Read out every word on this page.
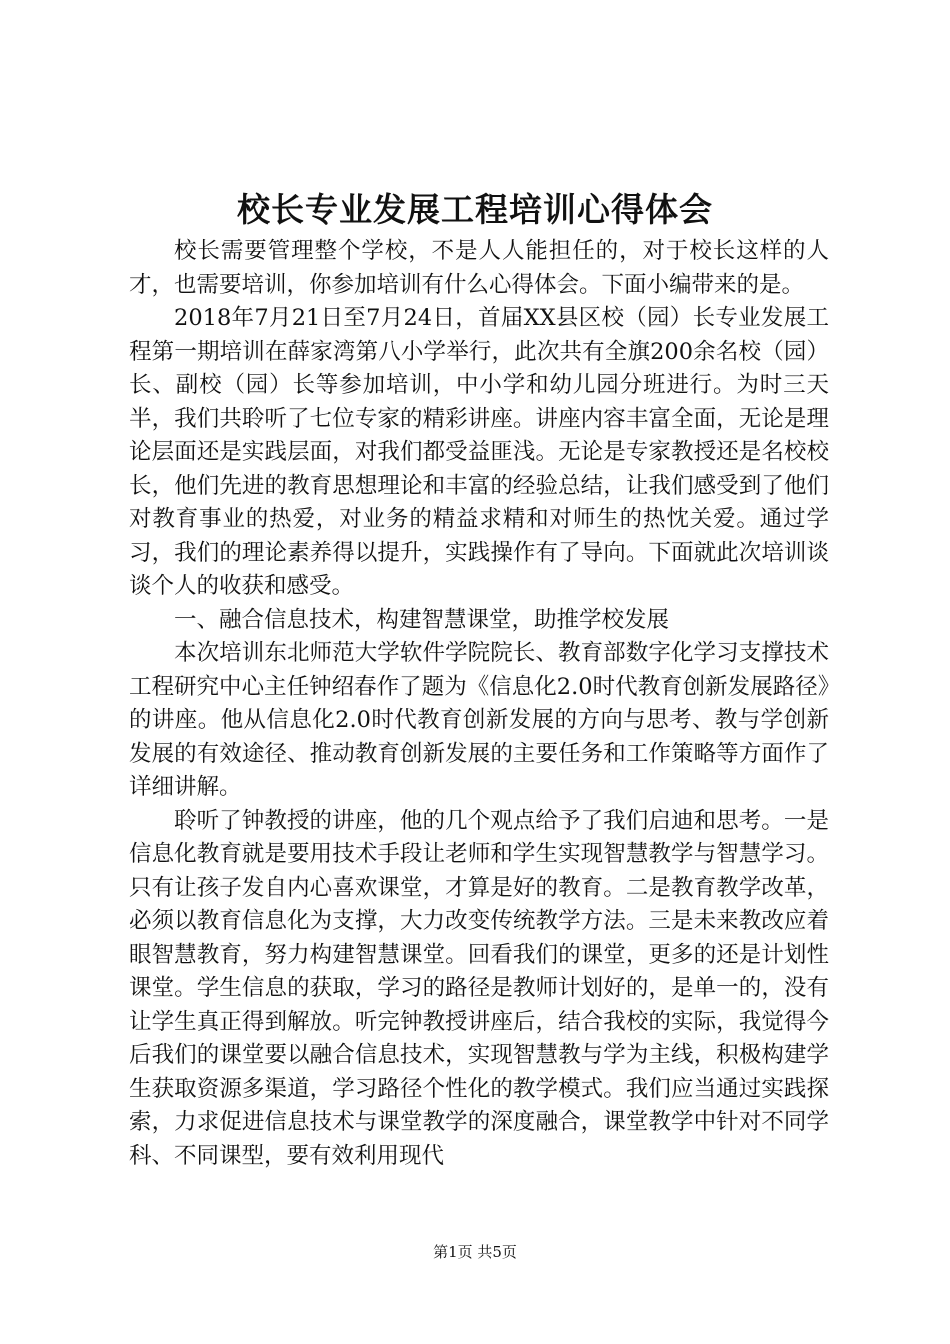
校长专业发展工程培训心得体会

校长需要管理整个学校，不是人人能担任的，对于校长这样的人才，也需要培训，你参加培训有什么心得体会。下面小编带来的是。

2018年7月21日至7月24日，首届XX县区校（园）长专业发展工程第一期培训在薛家湾第八小学举行，此次共有全旗200余名校（园）长、副校（园）长等参加培训，中小学和幼儿园分班进行。为时三天半，我们共聆听了七位专家的精彩讲座。讲座内容丰富全面，无论是理论层面还是实践层面，对我们都受益匪浅。无论是专家教授还是名校校长，他们先进的教育思想理论和丰富的经验总结，让我们感受到了他们对教育事业的热爱，对业务的精益求精和对师生的热忱关爱。通过学习，我们的理论素养得以提升，实践操作有了导向。下面就此次培训谈谈个人的收获和感受。

一、融合信息技术，构建智慧课堂，助推学校发展

本次培训东北师范大学软件学院院长、教育部数字化学习支撑技术工程研究中心主任钟绍春作了题为《信息化2.0时代教育创新发展路径》的讲座。他从信息化2.0时代教育创新发展的方向与思考、教与学创新发展的有效途径、推动教育创新发展的主要任务和工作策略等方面作了详细讲解。

聆听了钟教授的讲座，他的几个观点给予了我们启迪和思考。一是信息化教育就是要用技术手段让老师和学生实现智慧教学与智慧学习。只有让孩子发自内心喜欢课堂，才算是好的教育。二是教育教学改革，必须以教育信息化为支撑，大力改变传统教学方法。三是未来教改应着眼智慧教育，努力构建智慧课堂。回看我们的课堂，更多的还是计划性课堂。学生信息的获取，学习的路径是教师计划好的，是单一的，没有让学生真正得到解放。听完钟教授讲座后，结合我校的实际，我觉得今后我们的课堂要以融合信息技术，实现智慧教与学为主线，积极构建学生获取资源多渠道，学习路径个性化的教学模式。我们应当通过实践探索，力求促进信息技术与课堂教学的深度融合，课堂教学中针对不同学科、不同课型，要有效利用现代

第1页 共5页
